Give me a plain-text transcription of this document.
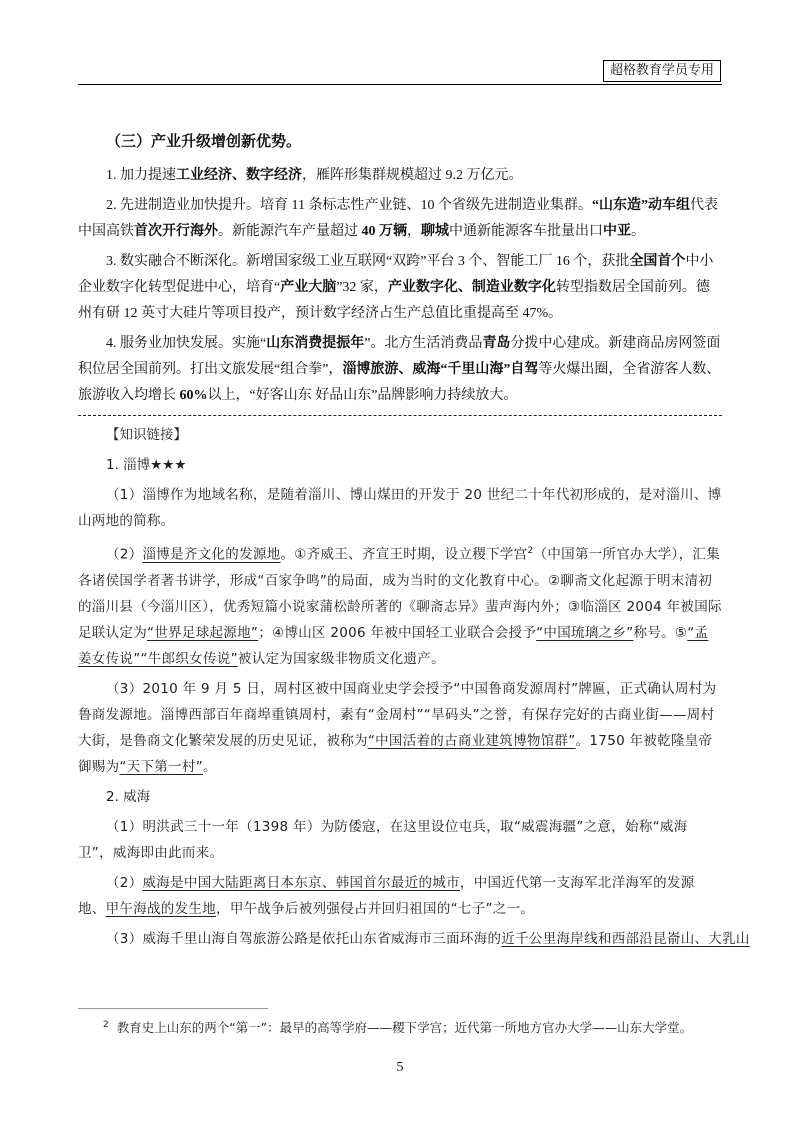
超格教育学员专用
（三）产业升级增创新优势。

1. 加力提速工业经济、数字经济，雁阵形集群规模超过 9.2 万亿元。

2. 先进制造业加快提升。培育 11 条标志性产业链、10 个省级先进制造业集群。“山东造”动车组代表中国高铁首次开行海外。新能源汽车产量超过 40 万辆，聊城中通新能源客车批量出口中亚。

3. 数实融合不断深化。新增国家级工业互联网“双跨”平台 3 个、智能工厂 16 个，获批全国首个中小企业数字化转型促进中心，培育“产业大脑”32 家，产业数字化、制造业数字化转型指数居全国前列。德州有研 12 英寸大硅片等项目投产，预计数字经济占生产总值比重提高至 47%。

4. 服务业加快发展。实施“山东消费提振年”。北方生活消费品青岛分拨中心建成。新建商品房网签面积位居全国前列。打出文旅发展“组合拳”，淄博旅游、威海“千里山海”自驾等火爆出圈，全省游客人数、旅游收入均增长 60%以上，“好客山东 好品山东”品牌影响力持续放大。

【知识链接】
1. 淄博★★★

（1）淄博作为地域名称，是随着淄川、博山煤田的开发于 20 世纪二十年代初形成的，是对淄川、博山两地的简称。

（2）淄博是齐文化的发源地。①齐威王、齐宣王时期，设立稷下学宫$^2$（中国第一所官办大学），汇集各诸侯国学者著书讲学，形成“百家争鸣”的局面，成为当时的文化教育中心。②聊斋文化起源于明末清初的淄川县（今淄川区），优秀短篇小说家蒲松龄所著的《聊斋志异》蜚声海内外；③临淄区 2004 年被国际足联认定为“世界足球起源地”；④博山区 2006 年被中国轻工业联合会授予“中国琉璃之乡”称号。⑤“孟姜女传说”“牛郎织女传说”被认定为国家级非物质文化遗产。

（3）2010 年 9 月 5 日，周村区被中国商业史学会授予“中国鲁商发源周村”牌匾，正式确认周村为鲁商发源地。淄博西部百年商埠重镇周村，素有“金周村”“旱码头”之誉，有保存完好的古商业街——周村大街，是鲁商文化繁荣发展的历史见证，被称为“中国活着的古商业建筑博物馆群”。1750 年被乾隆皇帝御赐为“天下第一村”。

2. 威海

（1）明洪武三十一年（1398 年）为防倭寇，在这里设位屯兵，取“威震海疆”之意，始称“威海卫”，威海即由此而来。

（2）威海是中国大陆距离日本东京、韩国首尔最近的城市，中国近代第一支海军北洋海军的发源地、甲午海战的发生地，甲午战争后被列强侵占并回归祖国的“七子”之一。

（3）威海千里山海自驾旅游公路是依托山东省威海市三面环海的近千公里海岸线和西部沿昆嵛山、大乳山

$^2$ 教育史上山东的两个“第一”：最早的高等学府——稷下学宫；近代第一所地方官办大学——山东大学堂。
5
